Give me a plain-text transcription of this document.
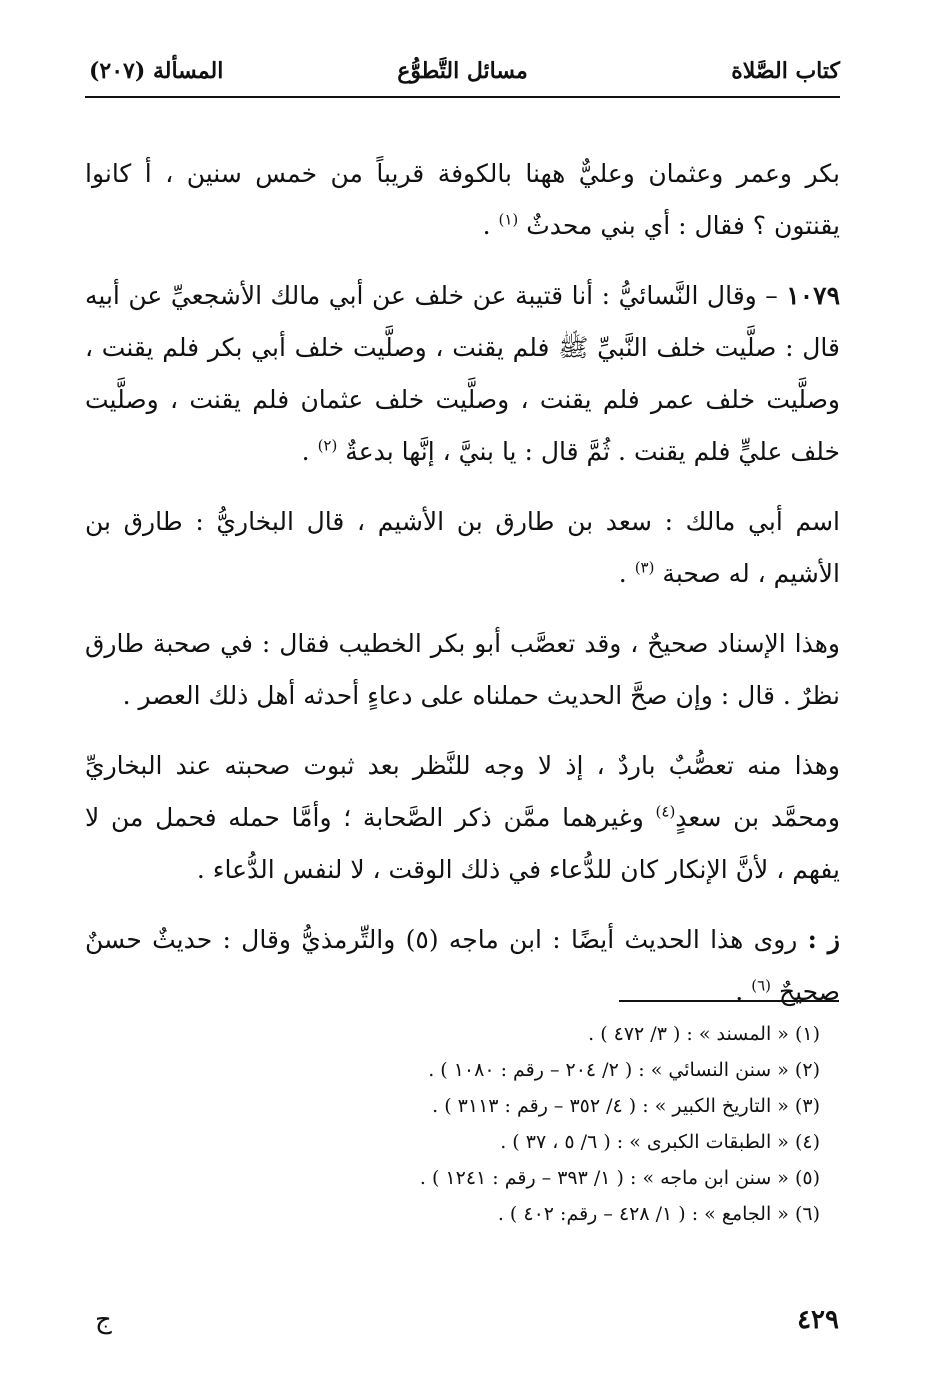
كتاب الصَّلاة
مسائل التَّطوُّع
المسألة (٢٠٧)

بكر وعمر وعثمان وعليٌّ ههنا بالكوفة قريباً من خمس سنين ، أ كانوا يقنتون ؟ فقال : أي بني محدثٌ $^{(١)}$ .

١٠٧٩ – وقال النَّسائيُّ : أنا قتيبة عن خلف عن أبي مالك الأشجعيِّ عن أبيه قال : صلَّيت خلف النَّبيِّ ﷺ فلم يقنت ، وصلَّيت خلف أبي بكر فلم يقنت ، وصلَّيت خلف عمر فلم يقنت ، وصلَّيت خلف عثمان فلم يقنت ، وصلَّيت خلف عليٍّ فلم يقنت . ثُمَّ قال : يا بنيَّ ، إنَّها بدعةٌ $^{(٢)}$ .

اسم أبي مالك : سعد بن طارق بن الأشيم ، قال البخاريُّ : طارق بن الأشيم ، له صحبة $^{(٣)}$ .

وهذا الإسناد صحيحٌ ، وقد تعصَّب أبو بكر الخطيب فقال : في صحبة طارق نظرٌ . قال : وإن صحَّ الحديث حملناه على دعاءٍ أحدثه أهل ذلك العصر .

وهذا منه تعصُّبٌ باردٌ ، إذ لا وجه للنَّظر بعد ثبوت صحبته عند البخاريِّ ومحمَّد بن سعدٍ$^{(٤)}$ وغيرهما ممَّن ذكر الصَّحابة ؛ وأمَّا حمله فحمل من لا يفهم ، لأنَّ الإنكار كان للدُّعاء في ذلك الوقت ، لا لنفس الدُّعاء .

ز : روى هذا الحديث أيضًا : ابن ماجه (٥) والتِّرمذيُّ وقال : حديثٌ حسنٌ صحيحٌ $^{(٦)}$ .

(١) « المسند » : ( ٣/ ٤٧٢ ) .
(٢) « سنن النسائي » : ( ٢/ ٢٠٤ – رقم : ١٠٨٠ ) .
(٣) « التاريخ الكبير » : ( ٤/ ٣٥٢ – رقم : ٣١١٣ ) .
(٤) « الطبقات الكبرى » : ( ٦/ ٥ ، ٣٧ ) .
(٥) « سنن ابن ماجه » : ( ١/ ٣٩٣ – رقم : ١٢٤١ ) .
(٦) « الجامع » : ( ١/ ٤٢٨ – رقم: ٤٠٢ ) .
٤٢٩
ج
